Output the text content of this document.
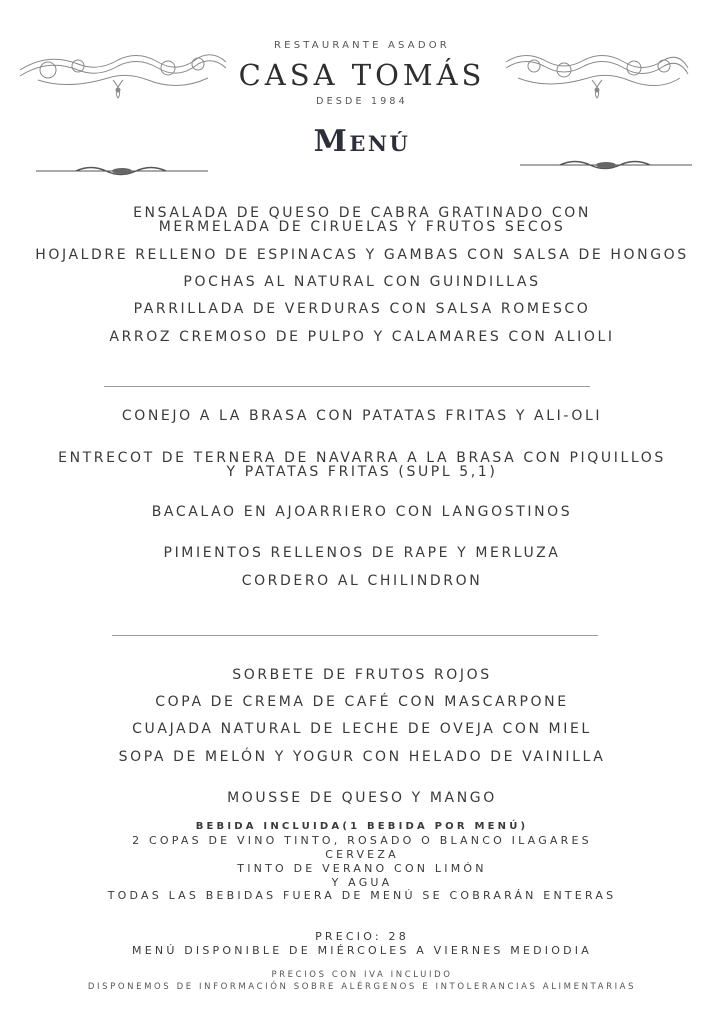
RESTAURANTE ASADOR
CASA TOMÁS
DESDE 1984
Menú
ENSALADA DE QUESO DE CABRA GRATINADO CON
MERMELADA DE CIRUELAS Y FRUTOS SECOS
HOJALDRE RELLENO DE ESPINACAS Y GAMBAS CON SALSA DE HONGOS
POCHAS AL NATURAL CON GUINDILLAS
PARRILLADA DE VERDURAS CON SALSA ROMESCO
ARROZ CREMOSO DE PULPO Y CALAMARES CON ALIOLI
CONEJO A LA BRASA CON PATATAS FRITAS Y ALI-OLI
ENTRECOT DE TERNERA DE NAVARRA A LA BRASA CON PIQUILLOS
Y PATATAS FRITAS (SUPL 5,1)
BACALAO EN AJOARRIERO CON LANGOSTINOS
PIMIENTOS RELLENOS DE RAPE Y MERLUZA
CORDERO AL CHILINDRON
SORBETE DE FRUTOS ROJOS
COPA DE CREMA DE CAFÉ CON MASCARPONE
CUAJADA NATURAL DE LECHE DE OVEJA CON MIEL
SOPA DE MELÓN Y YOGUR CON HELADO DE VAINILLA
MOUSSE DE QUESO Y MANGO
BEBIDA INCLUIDA(1 BEBIDA POR MENÚ)
2 COPAS DE VINO TINTO, ROSADO O BLANCO ILAGARES
CERVEZA
TINTO DE VERANO CON LIMÓN
Y AGUA
TODAS LAS BEBIDAS FUERA DE MENÚ SE COBRARÁN ENTERAS
PRECIO: 28
MENÚ DISPONIBLE DE MIÉRCOLES A VIERNES MEDIODIA
PRECIOS CON IVA INCLUIDO
DISPONEMOS DE INFORMACIÓN SOBRE ALÉRGENOS E INTOLERANCIAS ALIMENTARIAS
